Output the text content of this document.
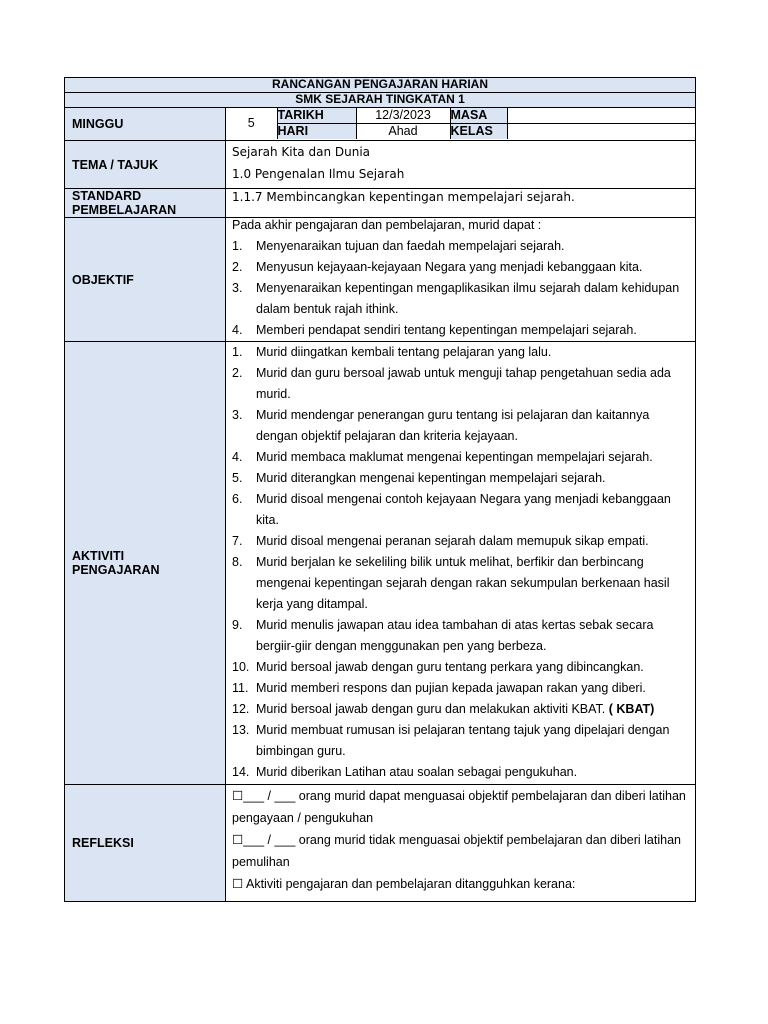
RANCANGAN PENGAJARAN HARIAN
SMK SEJARAH TINGKATAN 1
MINGGU		5	TARIKH	12/3/2023	MASA	
HARI	Ahad	KELAS	

TEMA / TAJUK	
Sejarah Kita dan Dunia
1.0 Pengenalan Ilmu Sejarah

STANDARD
PEMBELAJARAN
	1.1.7 Membincangkan kepentingan mempelajari sejarah.
OBJEKTIF	
Pada akhir pengajaran dan pembelajaran, murid dapat :
1. Menyenaraikan tujuan dan faedah mempelajari sejarah.
2. Menyusun kejayaan-kejayaan Negara yang menjadi kebanggaan kita.
3. Menyenaraikan kepentingan mengaplikasikan ilmu sejarah dalam kehidupan dalam bentuk rajah ithink.
4. Memberi pendapat sendiri tentang kepentingan mempelajari sejarah.

AKTIVITI
PENGAJARAN

1. Murid diingatkan kembali tentang pelajaran yang lalu.
2. Murid dan guru bersoal jawab untuk menguji tahap pengetahuan sedia ada murid.
3. Murid mendengar penerangan guru tentang isi pelajaran dan kaitannya dengan objektif pelajaran dan kriteria kejayaan.
4. Murid membaca maklumat mengenai kepentingan mempelajari sejarah.
5. Murid diterangkan mengenai kepentingan mempelajari sejarah.
6. Murid disoal mengenai contoh kejayaan Negara yang menjadi kebanggaan kita.
7. Murid disoal mengenai peranan sejarah dalam memupuk sikap empati.
8. Murid berjalan ke sekeliling bilik untuk melihat, berfikir dan berbincang mengenai kepentingan sejarah dengan rakan sekumpulan berkenaan hasil kerja yang ditampal.
9. Murid menulis jawapan atau idea tambahan di atas kertas sebak secara bergiir-giir dengan menggunakan pen yang berbeza.
10. Murid bersoal jawab dengan guru tentang perkara yang dibincangkan.
11. Murid memberi respons dan pujian kepada jawapan rakan yang diberi.
12. Murid bersoal jawab dengan guru dan melakukan aktiviti KBAT. ( KBAT)
13. Murid membuat rumusan isi pelajaran tentang tajuk yang dipelajari dengan bimbingan guru.
14. Murid diberikan Latihan atau soalan sebagai pengukuhan.

REFLEKSI	
☐___ / ___ orang murid dapat menguasai objektif pembelajaran dan diberi latihan pengayaan / pengukuhan
☐___ / ___ orang murid tidak menguasai objektif pembelajaran dan diberi latihan pemulihan
☐ Aktiviti pengajaran dan pembelajaran ditangguhkan kerana:
